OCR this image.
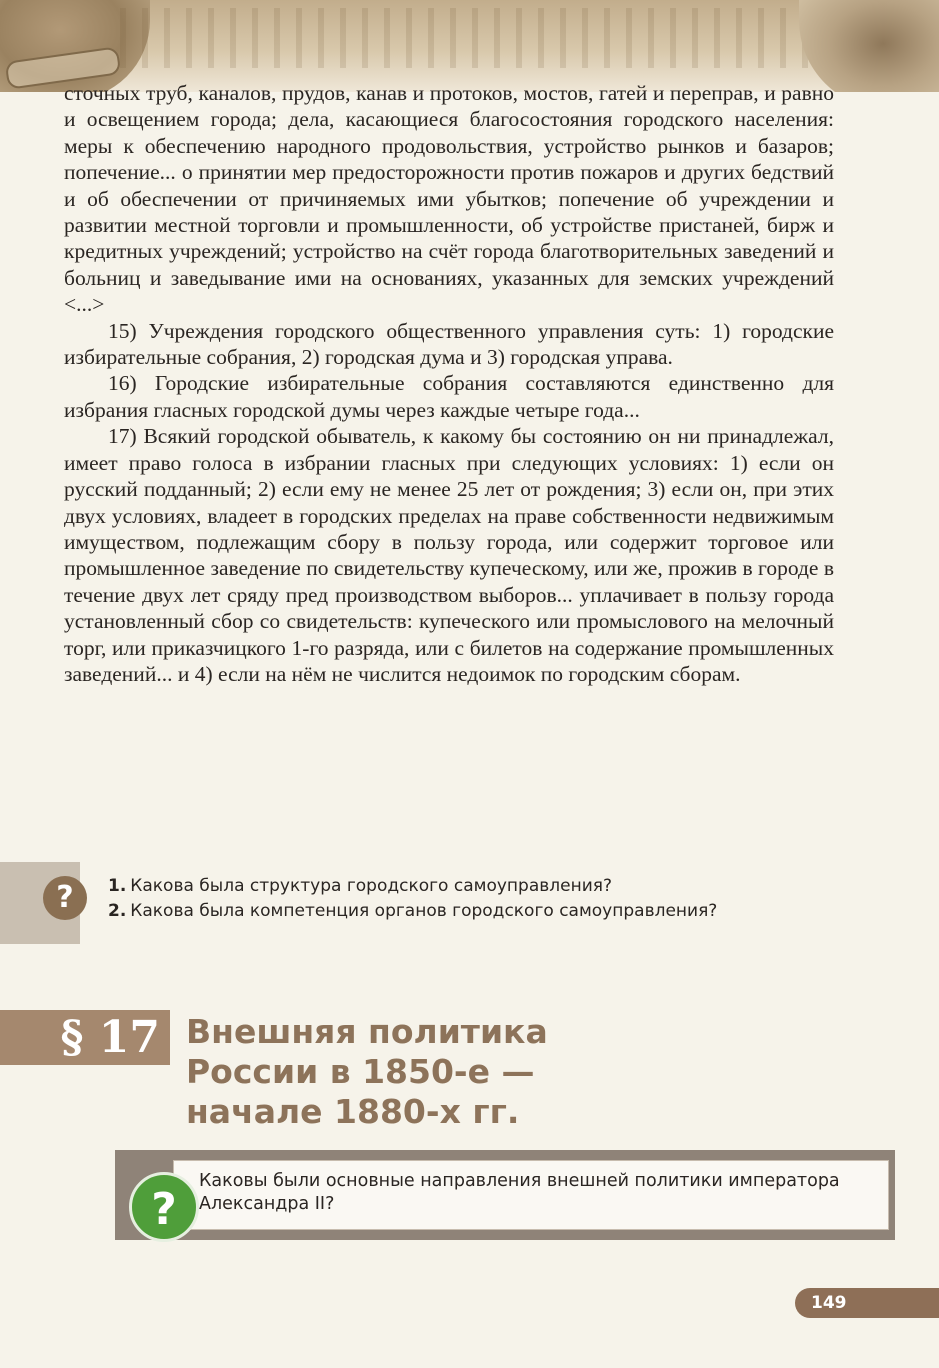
сточных труб, каналов, прудов, канав и протоков, мостов, гатей и переправ, и равно и освещением города; дела, касающиеся благосостояния городского населения: меры к обеспечению народного продовольствия, устройство рынков и базаров; попечение... о принятии мер предосторожности против пожаров и других бедствий и об обеспечении от причиняемых ими убытков; попечение об учреждении и развитии местной торговли и промышленности, об устройстве пристаней, бирж и кредитных учреждений; устройство на счёт города благотворительных заведений и больниц и заведывание ими на основаниях, указанных для земских учреждений <...>

15) Учреждения городского общественного управления суть: 1) городские избирательные собрания, 2) городская дума и 3) городская управа.

16) Городские избирательные собрания составляются единственно для избрания гласных городской думы через каждые четыре года...

17) Всякий городской обыватель, к какому бы состоянию он ни принадлежал, имеет право голоса в избрании гласных при следующих условиях: 1) если он русский подданный; 2) если ему не менее 25 лет от рождения; 3) если он, при этих двух условиях, владеет в городских пределах на праве собственности недвижимым имуществом, подлежащим сбору в пользу города, или содержит торговое или промышленное заведение по свидетельству купеческому, или же, прожив в городе в течение двух лет сряду пред производством выборов... уплачивает в пользу города установленный сбор со свидетельств: купеческого или промыслового на мелочный торг, или приказчицкого 1-го разряда, или с билетов на содержание промышленных заведений... и 4) если на нём не числится недоимок по городским сборам.

?	1. Какова была структура городского самоуправления?
2. Какова была компетенция органов городского самоуправления?
§ 17 Внешняя политика
России в 1850-е —
начале 1880-х гг.
?
Каковы были основные направления внешней политики императора Александра II?
149
